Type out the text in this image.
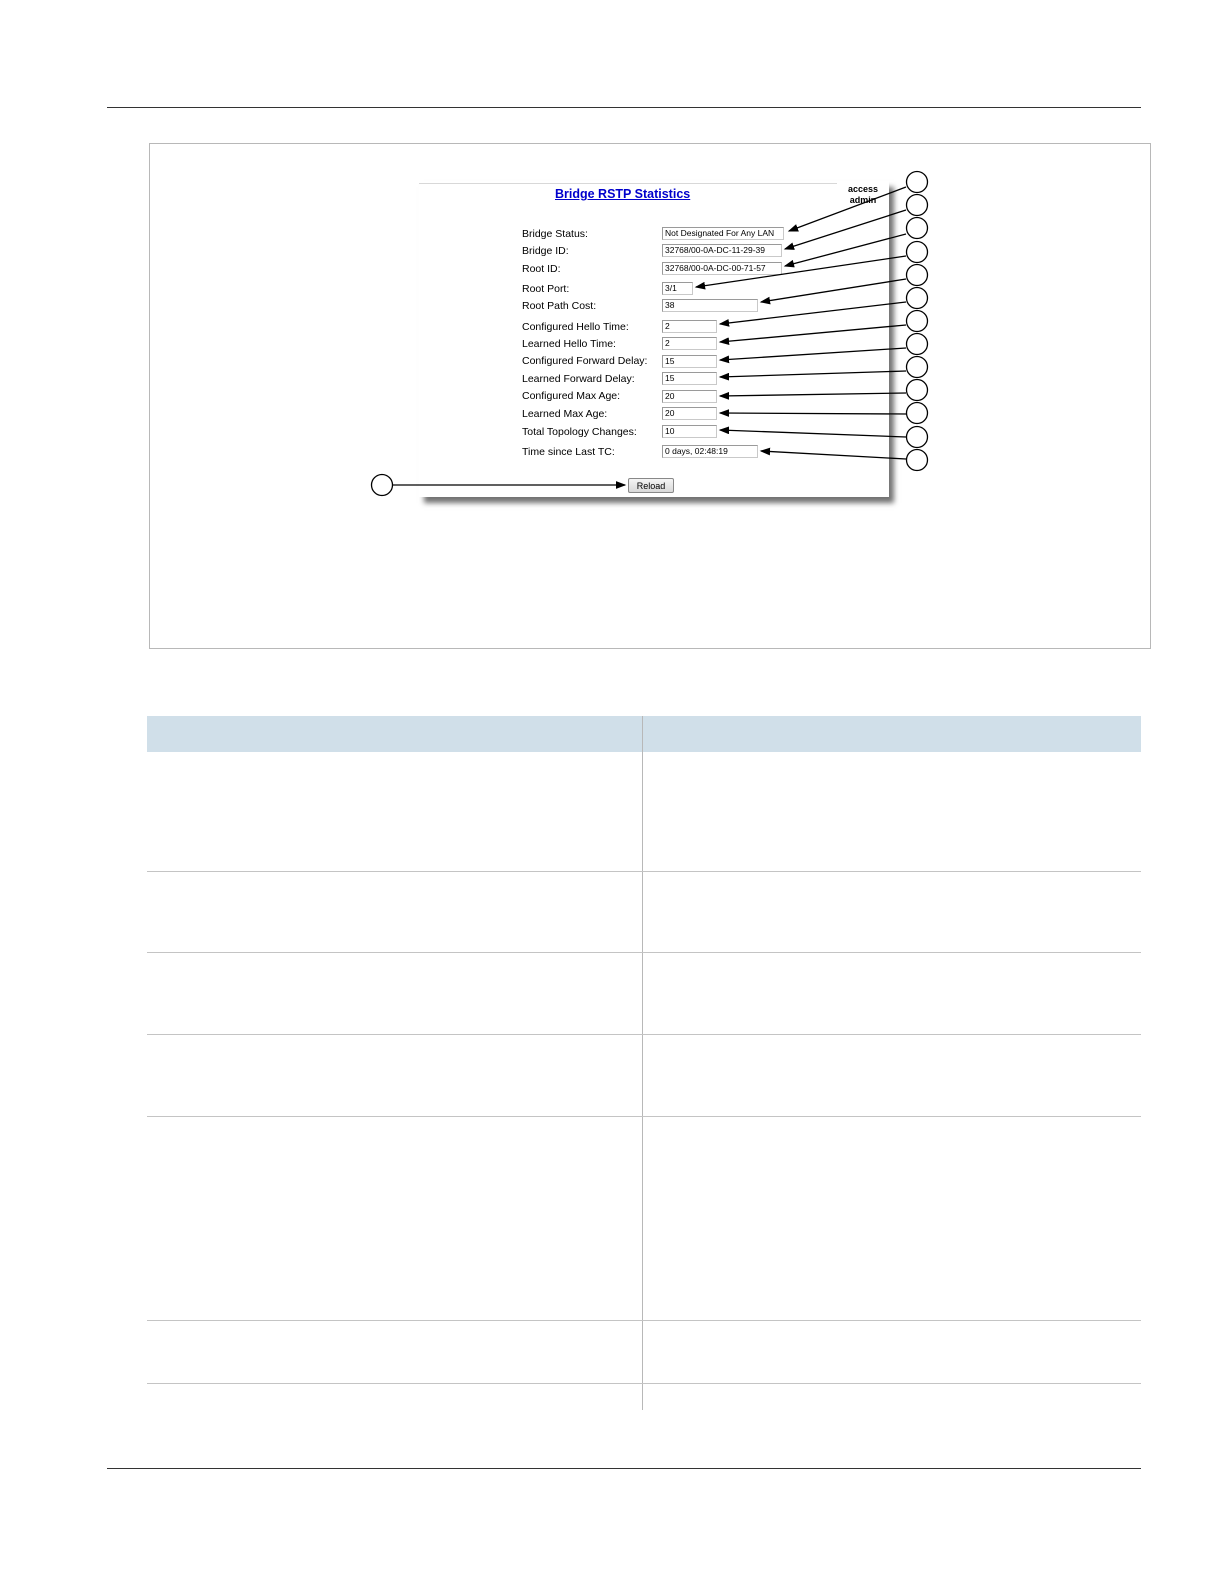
Bridge RSTP Statistics	access
admin
Bridge Status:	Not Designated For Any LAN
Bridge ID:	32768/00-0A-DC-11-29-39
Root ID:	32768/00-0A-DC-00-71-57
Root Port:	3/1
Root Path Cost:	38
Configured Hello Time:	2
Learned Hello Time:	2
Configured Forward Delay:	15
Learned Forward Delay:	15
Configured Max Age:	20
Learned Max Age:	20
Total Topology Changes:	10
Time since Last TC:	0 days, 02:48:19
Reload
